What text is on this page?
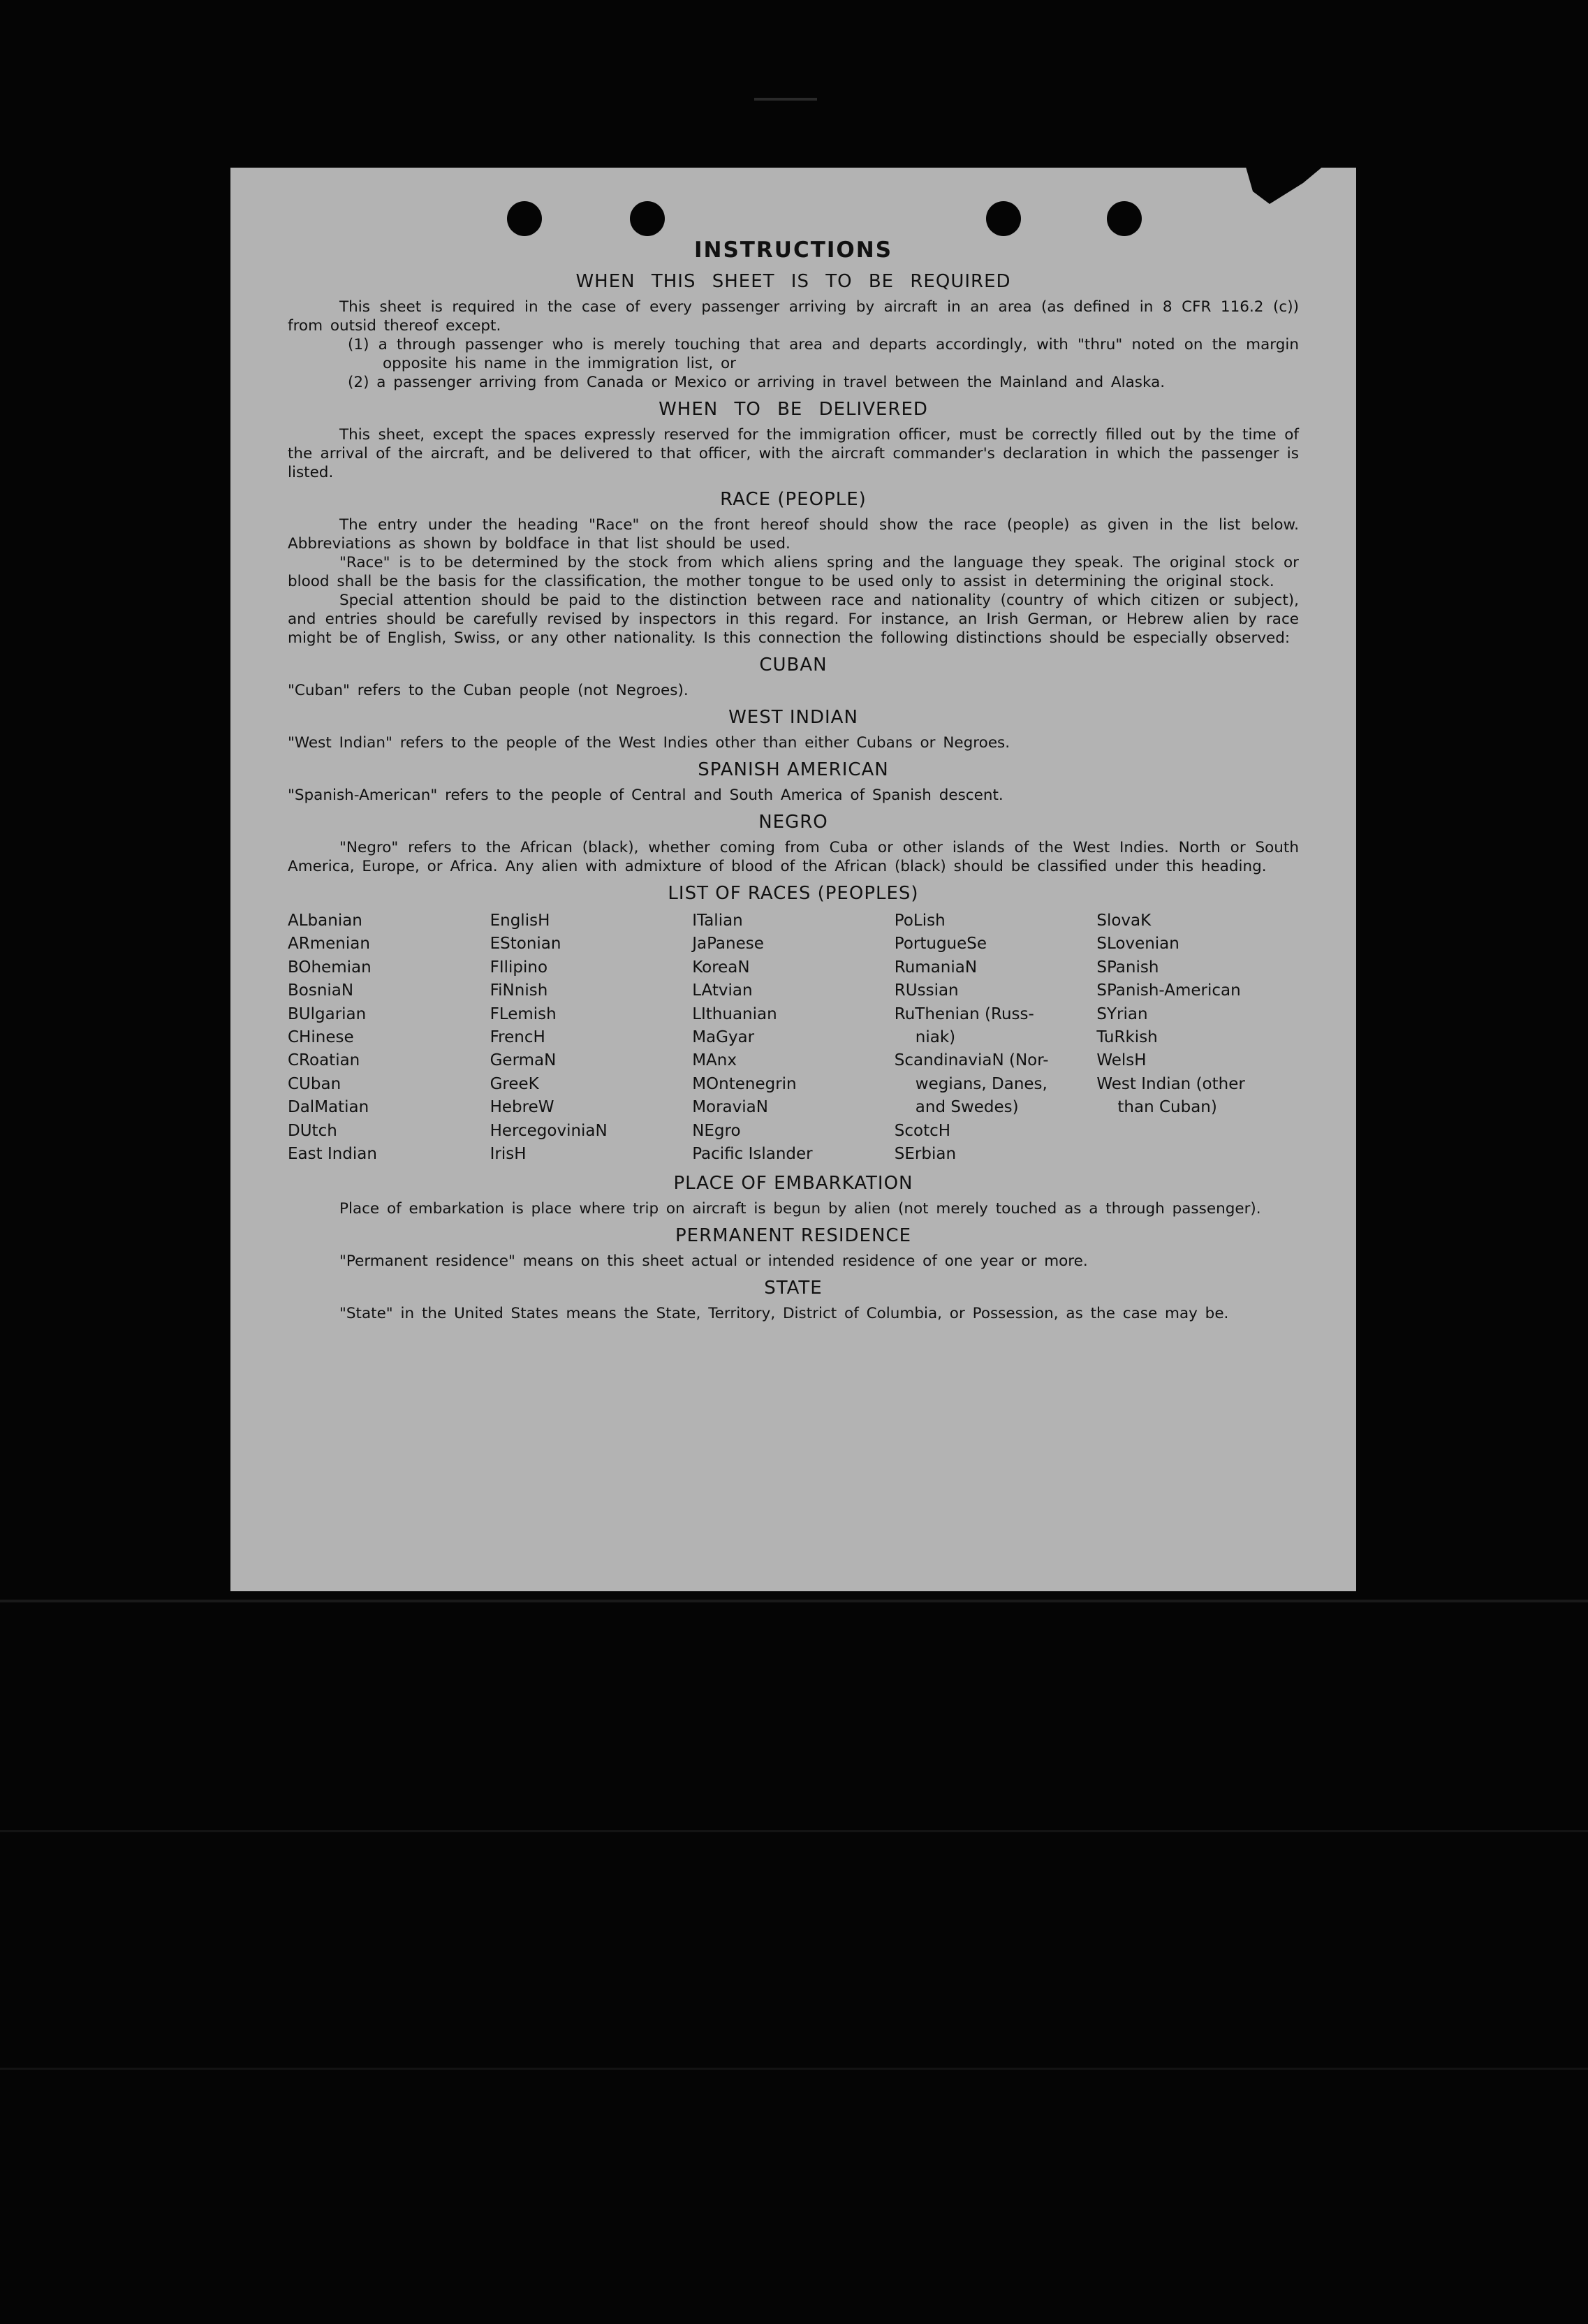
INSTRUCTIONS
WHEN THIS SHEET IS TO BE REQUIRED

This sheet is required in the case of every passenger arriving by aircraft in an area (as defined in 8 CFR 116.2 (c)) from outsid thereof except.

(1) a through passenger who is merely touching that area and departs accordingly, with "thru" noted on the margin opposite his name in the immigration list, or
(2) a passenger arriving from Canada or Mexico or arriving in travel between the Mainland and Alaska.
WHEN TO BE DELIVERED

This sheet, except the spaces expressly reserved for the immigration officer, must be correctly filled out by the time of the arrival of the aircraft, and be delivered to that officer, with the aircraft commander's declaration in which the passenger is listed.

RACE (PEOPLE)

The entry under the heading "Race" on the front hereof should show the race (people) as given in the list below. Abbreviations as shown by boldface in that list should be used.

"Race" is to be determined by the stock from which aliens spring and the language they speak. The original stock or blood shall be the basis for the classification, the mother tongue to be used only to assist in determining the original stock.

Special attention should be paid to the distinction between race and nationality (country of which citizen or subject), and entries should be carefully revised by inspectors in this regard. For instance, an Irish German, or Hebrew alien by race might be of English, Swiss, or any other nationality. Is this connection the following distinctions should be especially observed:

CUBAN

"Cuban" refers to the Cuban people (not Negroes).

WEST INDIAN

"West Indian" refers to the people of the West Indies other than either Cubans or Negroes.

SPANISH AMERICAN

"Spanish-American" refers to the people of Central and South America of Spanish descent.

NEGRO

"Negro" refers to the African (black), whether coming from Cuba or other islands of the West Indies. North or South America, Europe, or Africa. Any alien with admixture of blood of the African (black) should be classified under this heading.

LIST OF RACES (PEOPLES)
ALbanian
ARmenian
BOhemian
BosniaN
BUlgarian
CHinese
CRoatian
CUban
DalMatian
DUtch
East Indian
EnglisH
EStonian
FIlipino
FiNnish
FLemish
FrencH
GermaN
GreeK
HebreW
HercegoviniaN
IrisH
ITalian
JaPanese
KoreaN
LAtvian
LIthuanian
MaGyar
MAnx
MOntenegrin
MoraviaN
NEgro
Pacific Islander
PoLish
PortugueSe
RumaniaN
RUssian
RuThenian (Russ-
niak)
ScandinaviaN (Nor-
wegians, Danes,
and Swedes)
ScotcH
SErbian
SlovaK
SLovenian
SPanish
SPanish-American
SYrian
TuRkish
WelsH
West Indian (other
than Cuban)
PLACE OF EMBARKATION

Place of embarkation is place where trip on aircraft is begun by alien (not merely touched as a through passenger).

PERMANENT RESIDENCE

"Permanent residence" means on this sheet actual or intended residence of one year or more.

STATE

"State" in the United States means the State, Territory, District of Columbia, or Possession, as the case may be.
